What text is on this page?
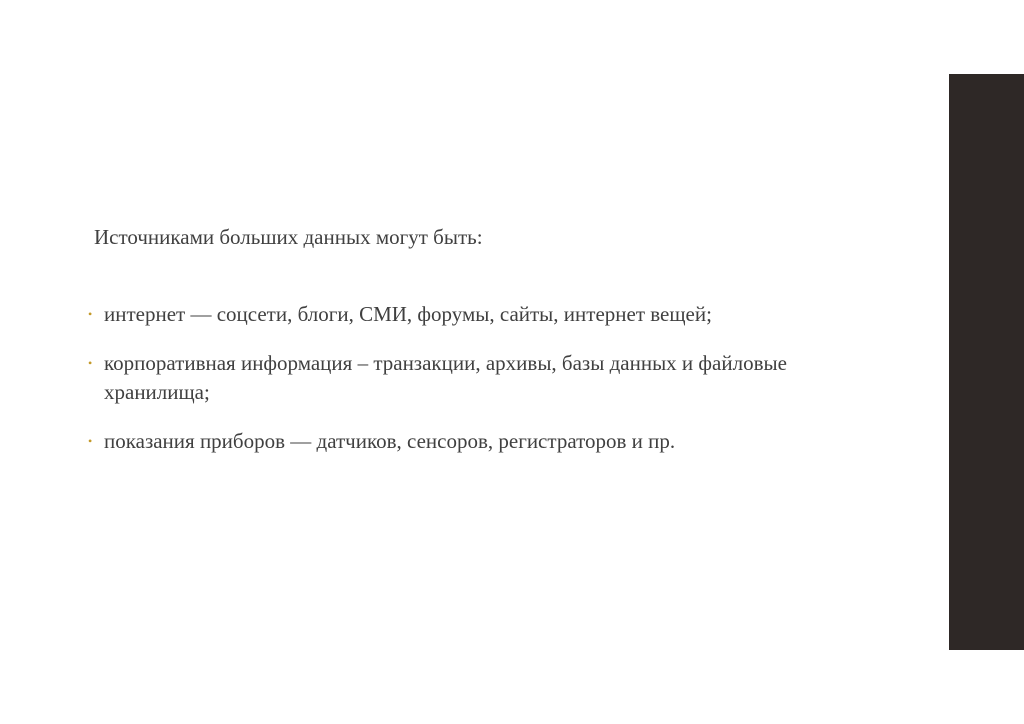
Источниками больших данных могут быть:
• интернет — соцсети, блоги, СМИ, форумы, сайты, интернет вещей;
• корпоративная информация – транзакции, архивы, базы данных и файловые хранилища;
• показания приборов — датчиков, сенсоров, регистраторов и пр.
